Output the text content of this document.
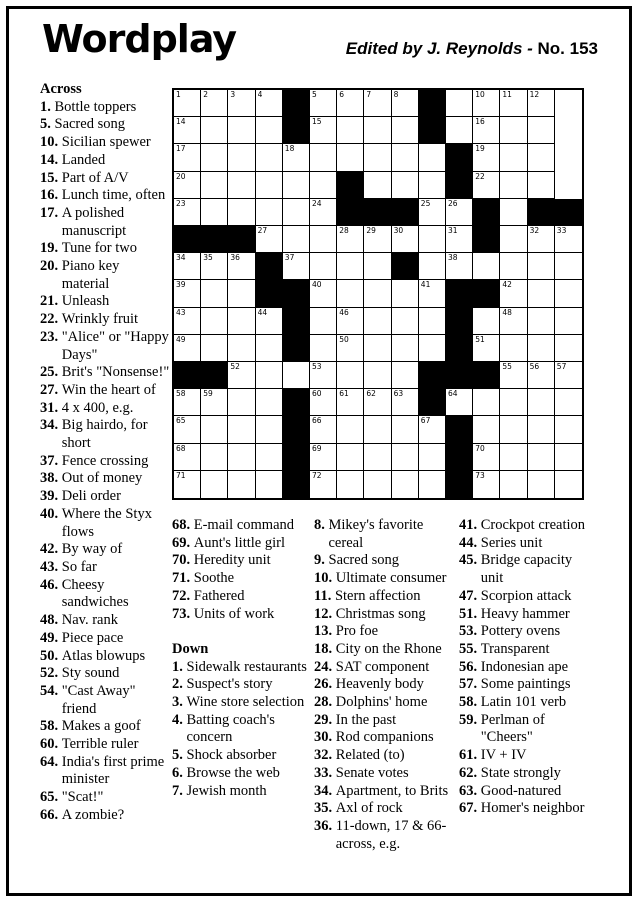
Wordplay	Edited by J. Reynolds - No. 153
1	2	3	4	5	6	7	8	10 11 12
14	15	16
17	18	19
20	22
23	24	25 26
27	28 29 30	31	32 33
34 35 36	37	38
39	40	41	42
43	44	46	48
49	50	51
52	53	55 56 57
58 59	60 61 62 63	64
65	66	67
68	69	70
71	72	73
Across
1.
Bottle toppers
5.
Sacred song
10.
Sicilian spewer
14.
Landed
15.
Part of A/V
16.
Lunch time, often
17.
A polished manuscript
19.
Tune for two
20.
Piano key material
21.
Unleash
22.
Wrinkly fruit
23.
"Alice" or "Happy Days"
25.
Brit's "Nonsense!"
27.
Win the heart of
31.
4 x 400, e.g.
34.
Big hairdo, for short
37.
Fence crossing
38.
Out of money
39.
Deli order
40.
Where the Styx flows
42.
By way of
43.
So far
46.
Cheesy sandwiches
48.
Nav. rank
49.
Piece pace
50.
Atlas blowups
52.
Sty sound
54.
"Cast Away" friend
58.
Makes a goof
60.
Terrible ruler
64.
India's first prime minister
65.
"Scat!"
66.
A zombie?
68.
E-mail command
69.
Aunt's little girl
70.
Heredity unit
71.
Soothe
72.
Fathered
73.
Units of work
Down
1.
Sidewalk restaurants
2.
Suspect's story
3.
Wine store selection
4.
Batting coach's concern
5.
Shock absorber
6.
Browse the web
7.
Jewish month
8.
Mikey's favorite cereal
9.
Sacred song
10.
Ultimate consumer
11.
Stern affection
12.
Christmas song
13.
Pro foe
18.
City on the Rhone
24.
SAT component
26.
Heavenly body
28.
Dolphins' home
29.
In the past
30.
Rod companions
32.
Related (to)
33.
Senate votes
34.
Apartment, to Brits
35.
Axl of rock
36.
11-down, 17 & 66-across, e.g.
41.
Crockpot creation
44.
Series unit
45.
Bridge capacity unit
47.
Scorpion attack
51.
Heavy hammer
53.
Pottery ovens
55.
Transparent
56.
Indonesian ape
57.
Some paintings
58.
Latin 101 verb
59.
Perlman of "Cheers"
61.
IV + IV
62.
State strongly
63.
Good-natured
67.
Homer's neighbor
